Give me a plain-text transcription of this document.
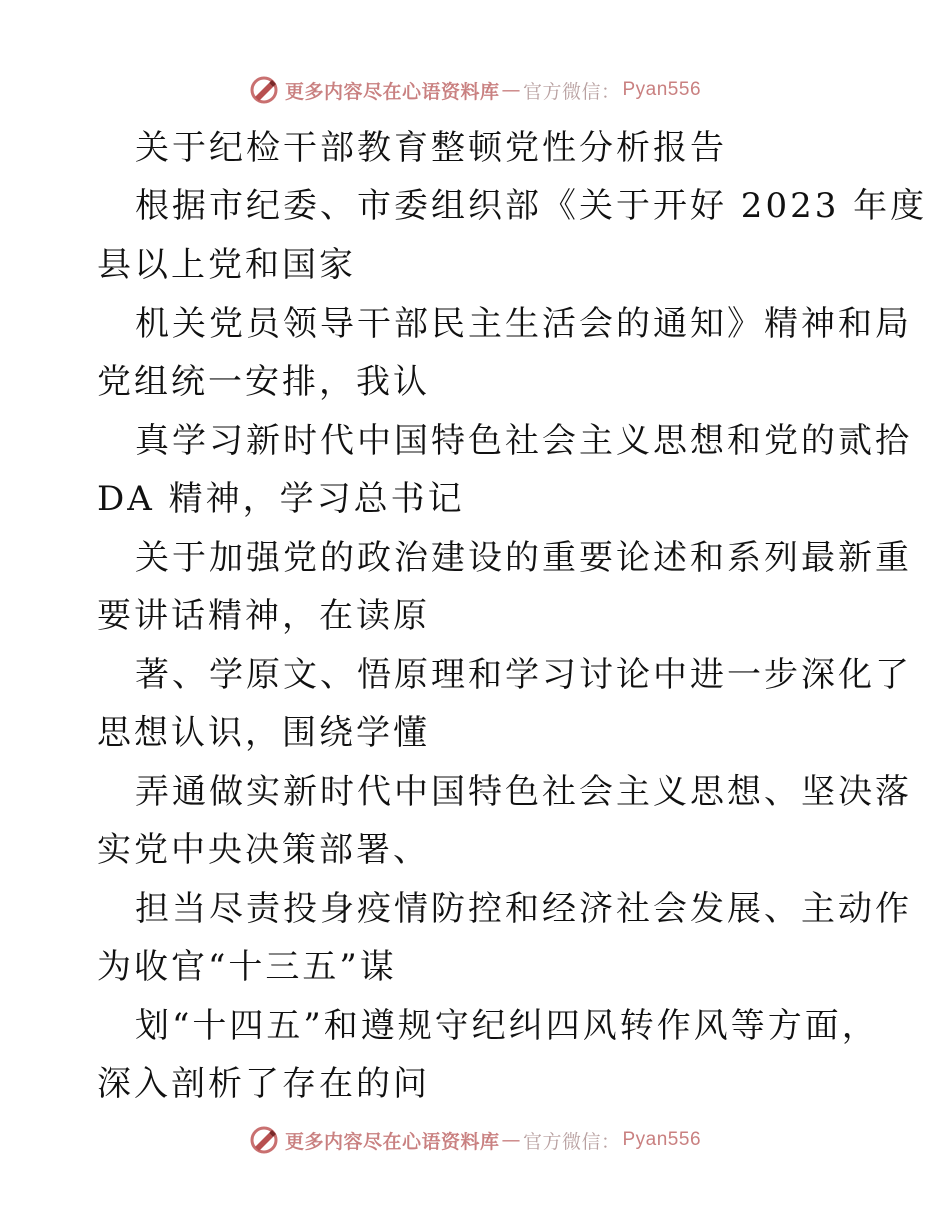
更多内容尽在心语资料库 — 官方微信： Pyan556
关于纪检干部教育整顿党性分析报告
根据市纪委、市委组织部《关于开好 2023 年度
县以上党和国家
机关党员领导干部民主生活会的通知》精神和局
党组统一安排，我认
真学习新时代中国特色社会主义思想和党的贰拾
DA 精神，学习总书记
关于加强党的政治建设的重要论述和系列最新重
要讲话精神，在读原
著、学原文、悟原理和学习讨论中进一步深化了
思想认识，围绕学懂
弄通做实新时代中国特色社会主义思想、坚决落
实党中央决策部署、
担当尽责投身疫情防控和经济社会发展、主动作
为收官“十三五”谋
划“十四五”和遵规守纪纠四风转作风等方面，
深入剖析了存在的问
更多内容尽在心语资料库 — 官方微信： Pyan556
